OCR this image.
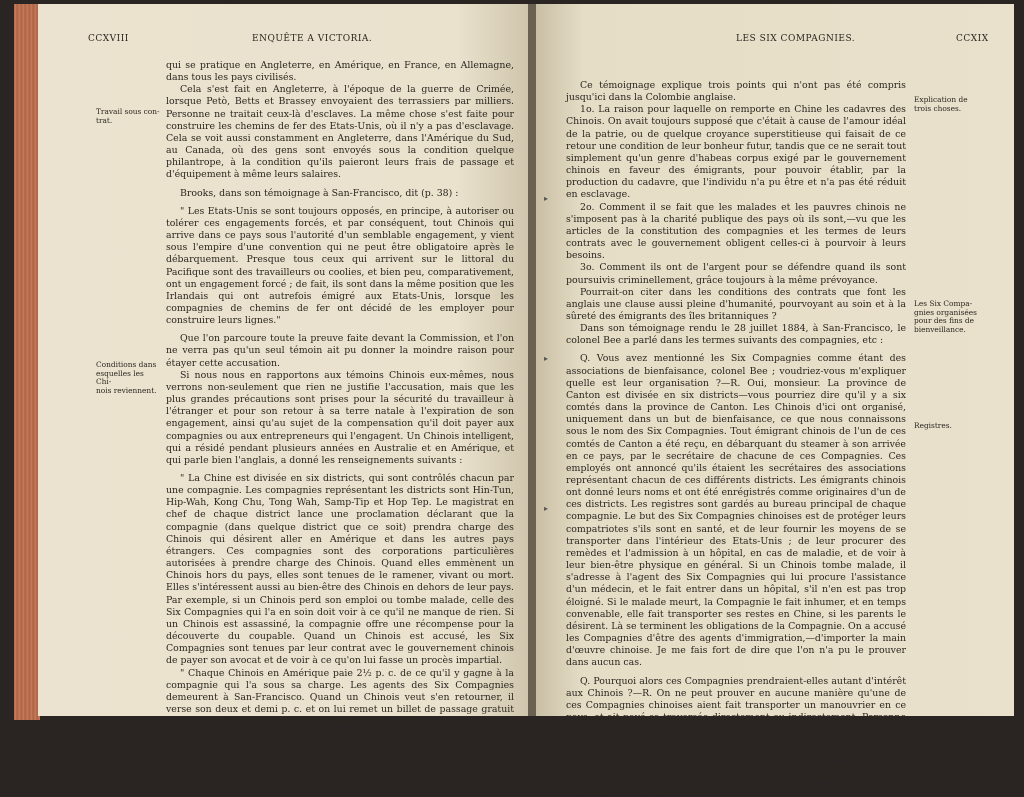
CCXVIII	ENQUÊTE A VICTORIA.
Travail sous con-
trat.
Conditions dans
esquelles les Chi-
nois reviennent.

qui se pratique en Angleterre, en Amérique, en France, en Allemagne, dans tous les pays civilisés.

Cela s'est fait en Angleterre, à l'époque de la guerre de Crimée, lorsque Petò, Betts et Brassey envoyaient des terrassiers par milliers. Personne ne traitait ceux-là d'esclaves. La même chose s'est faite pour construire les chemins de fer des Etats-Unis, où il n'y a pas d'esclavage. Cela se voit aussi constamment en Angleterre, dans l'Amérique du Sud, au Canada, où des gens sont envoyés sous la condition quelque philantrope, à la condition qu'ils paieront leurs frais de passage et d'équipement à même leurs salaires.

Brooks, dans son témoignage à San-Francisco, dit (p. 38) :

" Les Etats-Unis se sont toujours opposés, en principe, à autoriser ou tolérer ces engagements forcés, et par conséquent, tout Chinois qui arrive dans ce pays sous l'autorité d'un semblable engagement, y vient sous l'empire d'une convention qui ne peut être obligatoire après le débarquement. Presque tous ceux qui arrivent sur le littoral du Pacifique sont des travailleurs ou coolies, et bien peu, comparativement, ont un engagement forcé ; de fait, ils sont dans la même position que les Irlandais qui ont autrefois émigré aux Etats-Unis, lorsque les compagnies de chemins de fer ont décidé de les employer pour construire leurs lignes."

Que l'on parcoure toute la preuve faite devant la Commission, et l'on ne verra pas qu'un seul témoin ait pu donner la moindre raison pour étayer cette accusation.

Si nous nous en rapportons aux témoins Chinois eux-mêmes, nous verrons non-seulement que rien ne justifie l'accusation, mais que les plus grandes précautions sont prises pour la sécurité du travailleur à l'étranger et pour son retour à sa terre natale à l'expiration de son engagement, ainsi qu'au sujet de la compensation qu'il doit payer aux compagnies ou aux entrepreneurs qui l'engagent. Un Chinois intelligent, qui a résidé pendant plusieurs années en Australie et en Amérique, et qui parle bien l'anglais, a donné les renseignements suivants :

" La Chine est divisée en six districts, qui sont contrôlés chacun par une compagnie. Les compagnies représentant les districts sont Hin-Tun, Hip-Wah, Kong Chu, Tong Wah, Samp-Tip et Hop Tep. Le magistrat en chef de chaque district lance une proclamation déclarant que la compagnie (dans quelque district que ce soit) prendra charge des Chinois qui désirent aller en Amérique et dans les autres pays étrangers. Ces compagnies sont des corporations particulières autorisées à prendre charge des Chinois. Quand elles emmènent un Chinois hors du pays, elles sont tenues de le ramener, vivant ou mort. Elles s'intéressent aussi au bien-être des Chinois en dehors de leur pays. Par exemple, si un Chinois perd son emploi ou tombe malade, celle des Six Compagnies qui l'a en soin doit voir à ce qu'il ne manque de rien. Si un Chinois est assassiné, la compagnie offre une récompense pour la découverte du coupable. Quand un Chinois est accusé, les Six Compagnies sont tenues par leur contrat avec le gouvernement chinois de payer son avocat et de voir à ce qu'on lui fasse un procès impartial.

" Chaque Chinois en Amérique paie 2½ p. c. de ce qu'il y gagne à la compagnie qui l'a sous sa charge. Les agents des Six Compagnies demeurent à San-Francisco. Quand un Chinois veut s'en retourner, il verse son deux et demi p. c. et on lui remet un billet de passage gratuit jusqu'en Chine. Les compagnies le ramènent sans frais."

LES SIX COMPAGNIES.	CCXIX
▸
▸
▸
Explication de
trois choses.
Les Six Compa-
gnies organisées
pour des fins de
bienveillance.
Registres.

Ce témoignage explique trois points qui n'ont pas été compris jusqu'ici dans la Colombie anglaise.

1o. La raison pour laquelle on remporte en Chine les cadavres des Chinois. On avait toujours supposé que c'était à cause de l'amour idéal de la patrie, ou de quelque croyance superstitieuse qui faisait de ce retour une condition de leur bonheur futur, tandis que ce ne serait tout simplement qu'un genre d'habeas corpus exigé par le gouvernement chinois en faveur des émigrants, pour pouvoir établir, par la production du cadavre, que l'individu n'a pu être et n'a pas été réduit en esclavage.

2o. Comment il se fait que les malades et les pauvres chinois ne s'imposent pas à la charité publique des pays où ils sont,—vu que les articles de la constitution des compagnies et les termes de leurs contrats avec le gouvernement obligent celles-ci à pourvoir à leurs besoins.

3o. Comment ils ont de l'argent pour se défendre quand ils sont poursuivis criminellement, grâce toujours à la même prévoyance.

Pourrait-on citer dans les conditions des contrats que font les anglais une clause aussi pleine d'humanité, pourvoyant au soin et à la sûreté des émigrants des îles britanniques ?

Dans son témoignage rendu le 28 juillet 1884, à San-Francisco, le colonel Bee a parlé dans les termes suivants des compagnies, etc :

Q. Vous avez mentionné les Six Compagnies comme étant des associations de bienfaisance, colonel Bee ; voudriez-vous m'expliquer quelle est leur organisation ?—R. Oui, monsieur. La province de Canton est divisée en six districts—vous pourriez dire qu'il y a six comtés dans la province de Canton. Les Chinois d'ici ont organisé, uniquement dans un but de bienfaisance, ce que nous connaissons sous le nom des Six Compagnies. Tout émigrant chinois de l'un de ces comtés de Canton a été reçu, en débarquant du steamer à son arrivée en ce pays, par le secrétaire de chacune de ces Compagnies. Ces employés ont annoncé qu'ils étaient les secrétaires des associations représentant chacun de ces différents districts. Les émigrants chinois ont donné leurs noms et ont été enrégistrés comme originaires d'un de ces districts. Les registres sont gardés au bureau principal de chaque compagnie. Le but des Six Compagnies chinoises est de protéger leurs compatriotes s'ils sont en santé, et de leur fournir les moyens de se transporter dans l'intérieur des Etats-Unis ; de leur procurer des remèdes et l'admission à un hôpital, en cas de maladie, et de voir à leur bien-être physique en général. Si un Chinois tombe malade, il s'adresse à l'agent des Six Compagnies qui lui procure l'assistance d'un médecin, et le fait entrer dans un hôpital, s'il n'en est pas trop éloigné. Si le malade meurt, la Compagnie le fait inhumer, et en temps convenable, elle fait transporter ses restes en Chine, si les parents le désirent. Là se terminent les obligations de la Compagnie. On a accusé les Compagnies d'être des agents d'immigration,—d'importer la main d'œuvre chinoise. Je me fais fort de dire que l'on n'a pu le prouver dans aucun cas.

Q. Pourquoi alors ces Compagnies prendraient-elles autant d'intérêt aux Chinois ?—R. On ne peut prouver en aucune manière qu'une de ces Compagnies chinoises aient fait transporter un manouvrier en ce pays, et ait payé sa traversée directement ou indirectement. Personne ne peut prouver qu'elles aient retiré un dollar de son salaire pour se l'approprier. On ne peut démontrer qu'un dollar ait été exigée de lui comme honoraires jusqu'à son départ de ce pays. Avant de retourner en Chine, il se rend au bureau principal de sa Compagnie et acquitte sa redevance comme membre de la Compagnie ; cette somme varie entre $2.50 et $10. Les Compa-
